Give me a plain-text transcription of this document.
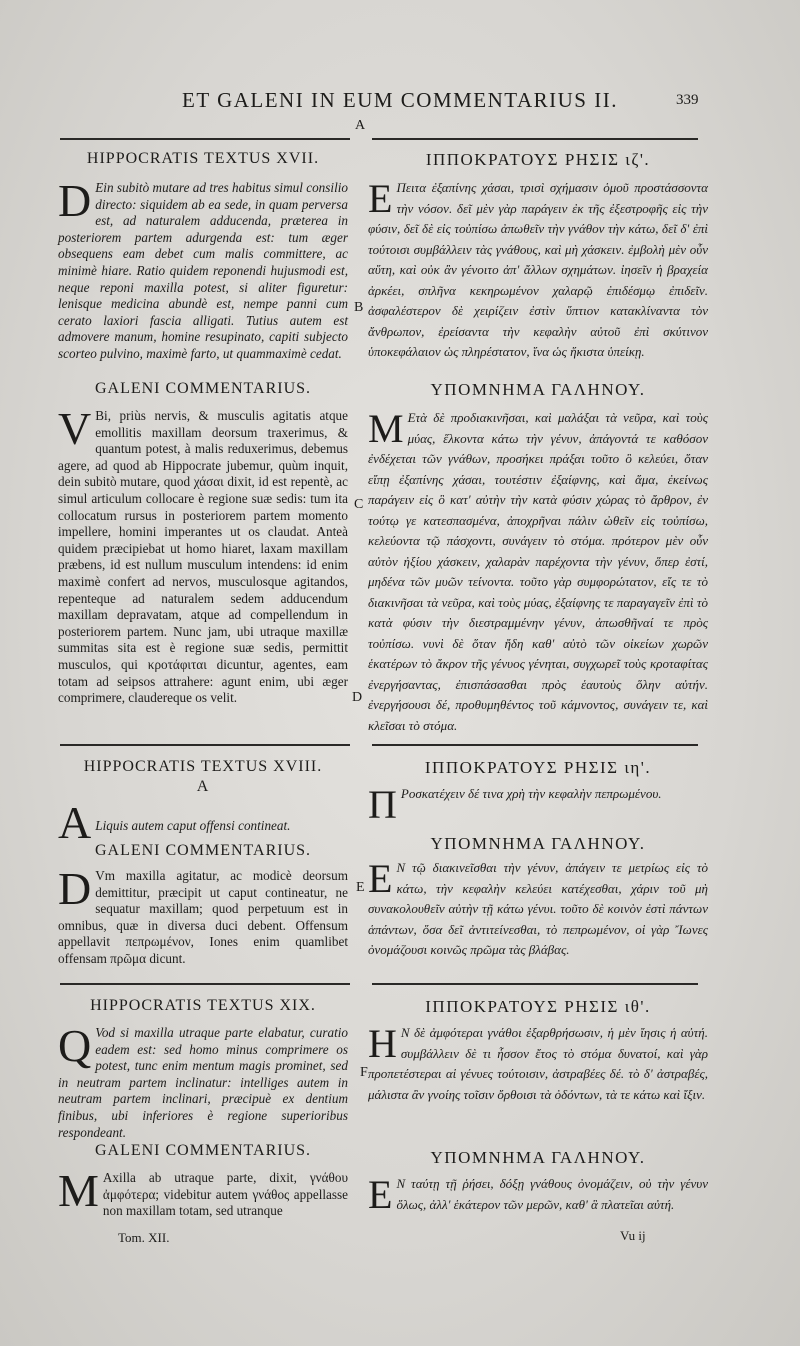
ET GALENI IN EUM COMMENTARIUS II.	339
A
B
C
D
E
F
HIPPOCRATIS TEXTUS XVII.

D Ein subitò mutare ad tres habitus simul consilio directo: siquidem ab ea sede, in quam perversa est, ad naturalem adducenda, præterea in posteriorem partem adurgenda est: tum æger obsequens eam debet cum malis committere, ac minimè hiare. Ratio quidem reponendi hujusmodi est, neque reponi maxilla potest, si aliter figuretur: lenisque medicina abundè est, nempe panni cum cerato laxiori fascia alligati. Tutius autem est admovere manum, homine resupinato, capiti subjecto scorteo pulvino, maximè farto, ut quammaximè cedat.

GALENI COMMENTARIUS.

V Bi, priùs nervis, & musculis agitatis atque emollitis maxillam deorsum traxerimus, & quantum potest, à malis reduxerimus, debemus agere, ad quod ab Hippocrate jubemur, quùm inquit, dein subitò mutare, quod χάσαι dixit, id est repentè, ac simul articulum collocare è regione suæ sedis: tum ita collocatum rursus in posteriorem partem momento impellere, homini imperantes ut os claudat. Anteà quidem præcipiebat ut homo hiaret, laxam maxillam præbens, id est nullum musculum intendens: id enim maximè confert ad nervos, musculosque agitandos, repenteque ad naturalem sedem adducendum maxillam depravatam, atque ad compellendum in posteriorem partem. Nunc jam, ubi utraque maxillæ summitas sita est è regione suæ sedis, permittit musculos, qui κροτάφιται dicuntur, agentes, eam totam ad seipsos attrahere: agunt enim, ubi æger comprimere, claudereque os velit.

HIPPOCRATIS TEXTUS XVIII.
A

A Liquis autem caput offensi contineat.

GALENI COMMENTARIUS.

D Vm maxilla agitatur, ac modicè deorsum demittitur, præcipit ut caput contineatur, ne sequatur maxillam; quod perpetuum est in omnibus, quæ in diversa duci debent. Offensum appellavit πεπρωμένον, Iones enim quamlibet offensam πρῶμα dicunt.

HIPPOCRATIS TEXTUS XIX.

Q Vod si maxilla utraque parte elabatur, curatio eadem est: sed homo minus comprimere os potest, tunc enim mentum magis prominet, sed in neutram partem inclinatur: intelliges autem in neutram partem inclinari, præcipuè ex dentium finibus, ubi inferiores è regione superioribus respondeant.

GALENI COMMENTARIUS.

M Axilla ab utraque parte, dixit, γνάθου ἀμφότερα; videbitur autem γνάθος appellasse non maxillam totam, sed utranque

Tom. XII.
ΙΠΠΟΚΡΑΤΟΥΣ ΡΗΣΙΣ ιζ'.

Ε Πειτα ἐξαπίνης χάσαι, τρισὶ σχήμασιν ὁμοῦ προστάσσοντα τὴν νόσον. δεῖ μὲν γὰρ παράγειν ἐκ τῆς ἐξεστροφῆς εἰς τὴν φύσιν, δεῖ δὲ εἰς τοὐπίσω ἀπωθεῖν τὴν γνάθον τὴν κάτω, δεῖ δ' ἐπὶ τούτοισι συμβάλλειν τὰς γνάθους, καὶ μὴ χάσκειν. ἐμβολὴ μὲν οὖν αὕτη, καὶ οὐκ ἂν γένοιτο ἀπ' ἄλλων σχημάτων. ἰησεῖν ἡ βραχεία ἀρκέει, σπλῆνα κεκηρωμένον χαλαρῷ ἐπιδέσμῳ ἐπιδεῖν. ἀσφαλέστερον δὲ χειρίζειν ἐστὶν ὕπτιον κατακλίναντα τὸν ἄνθρωπον, ἐρείσαντα τὴν κεφαλὴν αὐτοῦ ἐπὶ σκύτινον ὑποκεφάλαιον ὡς πληρέστατον, ἵνα ὡς ἥκιστα ὑπείκῃ.

ΥΠΟΜΝΗΜΑ ΓΑΛΗΝΟΥ.

Μ Ετὰ δὲ προδιακινῆσαι, καὶ μαλάξαι τὰ νεῦρα, καὶ τοὺς μύας, ἕλκοντα κάτω τὴν γένυν, ἀπάγοντά τε καθόσον ἐνδέχεται τῶν γνάθων, προσήκει πράξαι τοῦτο ὃ κελεύει, ὅταν εἴπῃ ἐξαπίνης χάσαι, τουτέστιν ἐξαίφνης, καὶ ἅμα, ἐκείνως παράγειν εἰς ὃ κατ' αὐτὴν τὴν κατὰ φύσιν χώρας τὸ ἄρθρον, ἐν τούτῳ γε κατεσπασμένα, ἀποχρῆναι πάλιν ὠθεῖν εἰς τοὐπίσω, κελεύοντα τῷ πάσχοντι, συνάγειν τὸ στόμα. πρότερον μὲν οὖν αὐτὸν ἠξίου χάσκειν, χαλαρὰν παρέχοντα τὴν γένυν, ὅπερ ἐστί, μηδένα τῶν μυῶν τείνοντα. τοῦτο γὰρ συμφορώτατον, εἴς τε τὸ διακινῆσαι τὰ νεῦρα, καὶ τοὺς μύας, ἐξαίφνης τε παραγαγεῖν ἐπὶ τὸ κατὰ φύσιν τὴν διεστραμμένην γένυν, ἀπωσθῆναί τε πρὸς τοὐπίσω. νυνὶ δὲ ὅταν ἤδη καθ' αὐτὸ τῶν οἰκείων χωρῶν ἑκατέρων τὸ ἄκρον τῆς γένυος γένηται, συγχωρεῖ τοὺς κροταφίτας ἐνεργήσαντας, ἐπισπάσασθαι πρὸς ἑαυτοὺς ὅλην αὐτήν. ἐνεργήσουσι δέ, προθυμηθέντος τοῦ κάμνοντος, συνάγειν τε, καὶ κλεῖσαι τὸ στόμα.

ΙΠΠΟΚΡΑΤΟΥΣ ΡΗΣΙΣ ιη'.

Π Ροσκατέχειν δέ τινα χρὴ τὴν κεφαλὴν πεπρωμένου.

ΥΠΟΜΝΗΜΑ ΓΑΛΗΝΟΥ.

Ε Ν τῷ διακινεῖσθαι τὴν γένυν, ἀπάγειν τε μετρίως εἰς τὸ κάτω, τὴν κεφαλὴν κελεύει κατέχεσθαι, χάριν τοῦ μὴ συνακολουθεῖν αὐτὴν τῇ κάτω γένυι. τοῦτο δὲ κοινὸν ἐστὶ πάντων ἁπάντων, ὅσα δεῖ ἀντιτείνεσθαι, τὸ πεπρωμένον, οἱ γὰρ Ἴωνες ὀνομάζουσι κοινῶς πρῶμα τὰς βλάβας.

ΙΠΠΟΚΡΑΤΟΥΣ ΡΗΣΙΣ ιθ'.

Η Ν δὲ ἀμφότεραι γνάθοι ἐξαρθρήσωσιν, ἡ μὲν ἴησις ἡ αὐτή. συμβάλλειν δὲ τι ἧσσον ἔτος τὸ στόμα δυνατοί, καὶ γὰρ προπετέστεραι αἱ γένυες τούτοισιν, ἀστραβέες δέ. τὸ δ' ἀστραβές, μάλιστα ἂν γνοίης τοῖσιν ὄρθοισι τὰ ὀδόντων, τὰ τε κάτω καὶ ἴξιν.

ΥΠΟΜΝΗΜΑ ΓΑΛΗΝΟΥ.

Ε Ν ταύτῃ τῇ ῥήσει, δόξῃ γνάθους ὀνομάζειν, οὐ τὴν γένυν ὅλως, ἀλλ' ἑκάτερον τῶν μερῶν, καθ' ἃ πλατεῖαι αὐτή.

Vu ij
